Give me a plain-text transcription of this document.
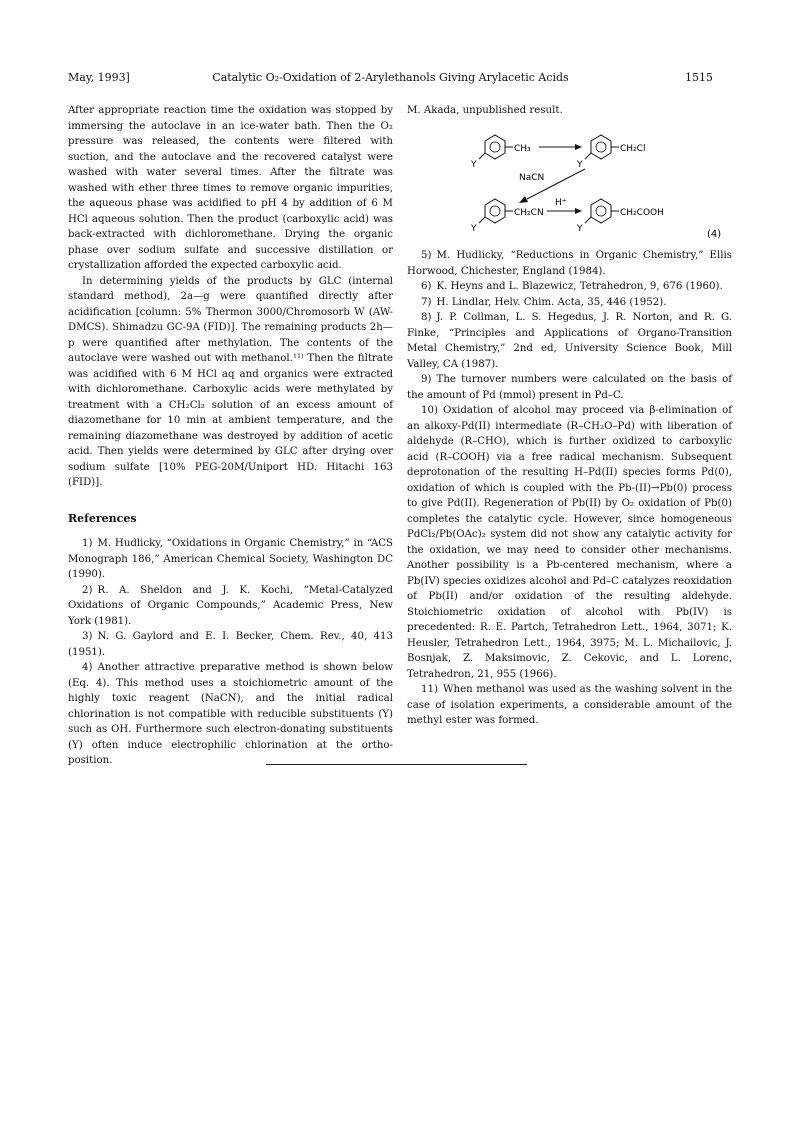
May, 1993]	Catalytic O₂-Oxidation of 2-Arylethanols Giving Arylacetic Acids	1515

After appropriate reaction time the oxidation was stopped by immersing the autoclave in an ice-water bath. Then the O₂ pressure was released, the contents were filtered with suction, and the autoclave and the recovered catalyst were washed with water several times. After the filtrate was washed with ether three times to remove organic impurities, the aqueous phase was acidified to pH 4 by addition of 6 M HCl aqueous solution. Then the product (carboxylic acid) was back-extracted with dichloromethane. Drying the organic phase over sodium sulfate and successive distillation or crystallization afforded the expected carboxylic acid.

In determining yields of the products by GLC (internal standard method), 2a—g were quantified directly after acidification [column: 5% Thermon 3000/Chromosorb W (AW-DMCS). Shimadzu GC-9A (FID)]. The remaining products 2h—p were quantified after methylation. The contents of the autoclave were washed out with methanol.¹¹⁾ Then the filtrate was acidified with 6 M HCl aq and organics were extracted with dichloromethane. Carboxylic acids were methylated by treatment with a CH₂Cl₂ solution of an excess amount of diazomethane for 10 min at ambient temperature, and the remaining diazomethane was destroyed by addition of acetic acid. Then yields were determined by GLC after drying over sodium sulfate [10% PEG-20M/Uniport HD. Hitachi 163 (FID)].

References

1) M. Hudlicky, “Oxidations in Organic Chemistry,” in “ACS Monograph 186,” American Chemical Society, Washington DC (1990).

2) R. A. Sheldon and J. K. Kochi, “Metal-Catalyzed Oxidations of Organic Compounds,” Academic Press, New York (1981).

3) N. G. Gaylord and E. I. Becker, Chem. Rev., 40, 413 (1951).

4) Another attractive preparative method is shown below (Eq. 4). This method uses a stoichiometric amount of the highly toxic reagent (NaCN), and the initial radical chlorination is not compatible with reducible substituents (Y) such as OH. Furthermore such electron-donating substituents (Y) often induce electrophilic chlorination at the ortho-position.

M. Akada, unpublished result.

CH₃
Y
CH₂Cl
Y
NaCN
CH₂CN
Y
H⁺
CH₂COOH
Y	(4)

5) M. Hudlicky, “Reductions in Organic Chemistry,” Ellis Horwood, Chichester, England (1984).

6) K. Heyns and L. Blazewicz, Tetrahedron, 9, 676 (1960).

7) H. Lindlar, Helv. Chim. Acta, 35, 446 (1952).

8) J. P. Collman, L. S. Hegedus, J. R. Norton, and R. G. Finke, “Principles and Applications of Organo-Transition Metal Chemistry,” 2nd ed, University Science Book, Mill Valley, CA (1987).

9) The turnover numbers were calculated on the basis of the amount of Pd (mmol) present in Pd–C.

10) Oxidation of alcohol may proceed via β-elimination of an alkoxy-Pd(II) intermediate (R–CH₂O–Pd) with liberation of aldehyde (R–CHO), which is further oxidized to carboxylic acid (R–COOH) via a free radical mechanism. Subsequent deprotonation of the resulting H–Pd(II) species forms Pd(0), oxidation of which is coupled with the Pb-(II)→Pb(0) process to give Pd(II). Regeneration of Pb(II) by O₂ oxidation of Pb(0) completes the catalytic cycle. However, since homogeneous PdCl₂/Pb(OAc)₂ system did not show any catalytic activity for the oxidation, we may need to consider other mechanisms. Another possibility is a Pb-centered mechanism, where a Pb(IV) species oxidizes alcohol and Pd–C catalyzes reoxidation of Pb(II) and/or oxidation of the resulting aldehyde. Stoichiometric oxidation of alcohol with Pb(IV) is precedented: R. E. Partch, Tetrahedron Lett., 1964, 3071; K. Heusler, Tetrahedron Lett., 1964, 3975; M. L. Michailovic, J. Bosnjak, Z. Maksimovic, Z. Cekovic, and L. Lorenc, Tetrahedron, 21, 955 (1966).

11) When methanol was used as the washing solvent in the case of isolation experiments, a considerable amount of the methyl ester was formed.
